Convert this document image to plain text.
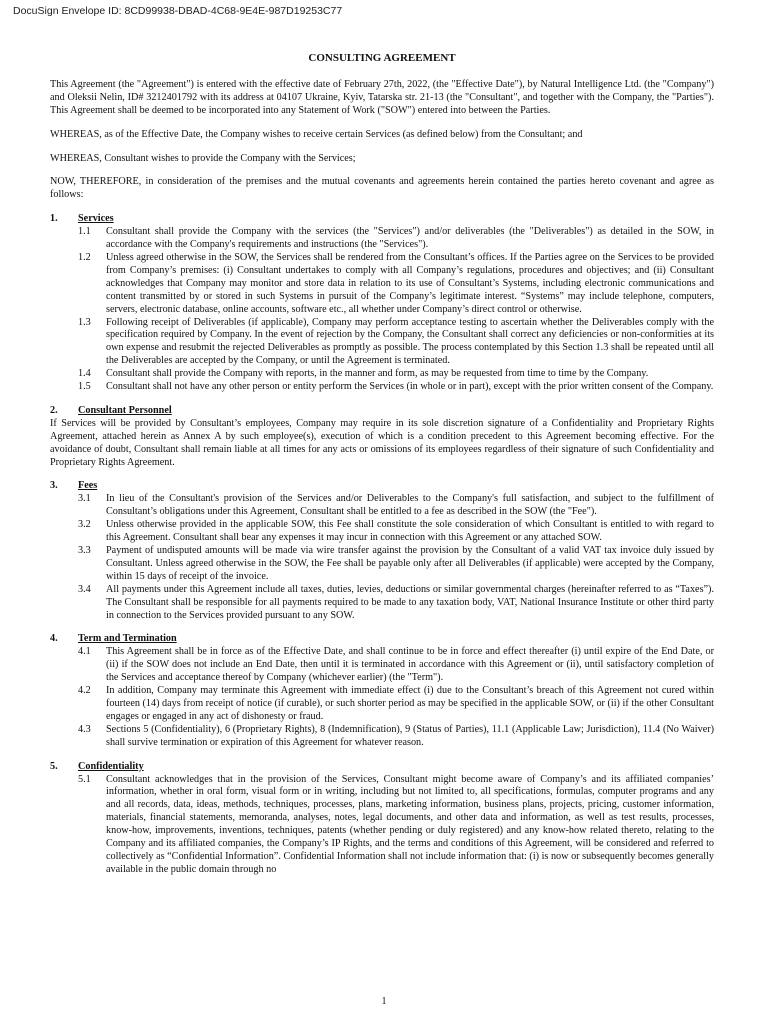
DocuSign Envelope ID: 8CD99938-DBAD-4C68-9E4E-987D19253C77
CONSULTING AGREEMENT

This Agreement (the "Agreement") is entered with the effective date of February 27th, 2022, (the "Effective Date"), by Natural Intelligence Ltd. (the "Company") and Oleksii Nelin, ID# 3212401792 with its address at 04107 Ukraine, Kyiv, Tatarska str. 21-13 (the "Consultant", and together with the Company, the "Parties"). This Agreement shall be deemed to be incorporated into any Statement of Work ("SOW") entered into between the Parties.

WHEREAS, as of the Effective Date, the Company wishes to receive certain Services (as defined below) from the Consultant; and

WHEREAS, Consultant wishes to provide the Company with the Services;

NOW, THEREFORE, in consideration of the premises and the mutual covenants and agreements herein contained the parties hereto covenant and agree as follows:

1.	Services
1.1	Consultant shall provide the Company with the services (the "Services") and/or deliverables (the "Deliverables") as detailed in the SOW, in accordance with the Company's requirements and instructions (the "Services").
1.2	Unless agreed otherwise in the SOW, the Services shall be rendered from the Consultant’s offices. If the Parties agree on the Services to be provided from Company’s premises: (i) Consultant undertakes to comply with all Company’s regulations, procedures and objectives; and (ii) Consultant acknowledges that Company may monitor and store data in relation to its use of Consultant’s Systems, including electronic communications and content transmitted by or stored in such Systems in pursuit of the Company’s legitimate interest. “Systems” may include telephone, computers, servers, electronic database, online accounts, software etc., all whether under Company’s direct control or otherwise.
1.3	Following receipt of Deliverables (if applicable), Company may perform acceptance testing to ascertain whether the Deliverables comply with the specification required by Company. In the event of rejection by the Company, the Consultant shall correct any deficiencies or non-conformities at its own expense and resubmit the rejected Deliverables as promptly as possible. The process contemplated by this Section 1.3 shall be repeated until all the Deliverables are accepted by the Company, or until the Agreement is terminated.
1.4	Consultant shall provide the Company with reports, in the manner and form, as may be requested from time to time by the Company.
1.5	Consultant shall not have any other person or entity perform the Services (in whole or in part), except with the prior written consent of the Company.
2.	Consultant Personnel
If Services will be provided by Consultant’s employees, Company may require in its sole discretion signature of a Confidentiality and Proprietary Rights Agreement, attached herein as Annex A by such employee(s), execution of which is a condition precedent to this Agreement becoming effective. For the avoidance of doubt, Consultant shall remain liable at all times for any acts or omissions of its employees regardless of their signature of such Confidentiality and Proprietary Rights Agreement.
3.	Fees
3.1	In lieu of the Consultant's provision of the Services and/or Deliverables to the Company's full satisfaction, and subject to the fulfillment of Consultant’s obligations under this Agreement, Consultant shall be entitled to a fee as described in the SOW (the "Fee").
3.2	Unless otherwise provided in the applicable SOW, this Fee shall constitute the sole consideration of which Consultant is entitled to with regard to this Agreement. Consultant shall bear any expenses it may incur in connection with this Agreement or any attached SOW.
3.3	Payment of undisputed amounts will be made via wire transfer against the provision by the Consultant of a valid VAT tax invoice duly issued by Consultant. Unless agreed otherwise in the SOW, the Fee shall be payable only after all Deliverables (if applicable) were accepted by the Company, within 15 days of receipt of the invoice.
3.4	All payments under this Agreement include all taxes, duties, levies, deductions or similar governmental charges (hereinafter referred to as “Taxes”). The Consultant shall be responsible for all payments required to be made to any taxation body, VAT, National Insurance Institute or other third party in connection to the Services provided pursuant to any SOW.
4.	Term and Termination
4.1	This Agreement shall be in force as of the Effective Date, and shall continue to be in force and effect thereafter (i) until expire of the End Date, or (ii) if the SOW does not include an End Date, then until it is terminated in accordance with this Agreement or (ii), until satisfactory completion of the Services and acceptance thereof by Company (whichever earlier) (the "Term").
4.2	In addition, Company may terminate this Agreement with immediate effect (i) due to the Consultant’s breach of this Agreement not cured within fourteen (14) days from receipt of notice (if curable), or such shorter period as may be specified in the applicable SOW, or (ii) if the other Consultant engages or engaged in any act of dishonesty or fraud.
4.3	Sections 5 (Confidentiality), 6 (Proprietary Rights), 8 (Indemnification), 9 (Status of Parties), 11.1 (Applicable Law; Jurisdiction), 11.4 (No Waiver) shall survive termination or expiration of this Agreement for whatever reason.
5.	Confidentiality
5.1	Consultant acknowledges that in the provision of the Services, Consultant might become aware of Company’s and its affiliated companies’ information, whether in oral form, visual form or in writing, including but not limited to, all specifications, formulas, computer programs and any and all records, data, ideas, methods, techniques, processes, plans, marketing information, business plans, projects, pricing, customer information, materials, financial statements, memoranda, analyses, notes, legal documents, and other data and information, as well as test results, processes, know-how, improvements, inventions, techniques, patents (whether pending or duly registered) and any know-how related thereto, relating to the Company and its affiliated companies, the Company’s IP Rights, and the terms and conditions of this Agreement, will be considered and referred to collectively as “Confidential Information”. Confidential Information shall not include information that: (i) is now or subsequently becomes generally available in the public domain through no
1
